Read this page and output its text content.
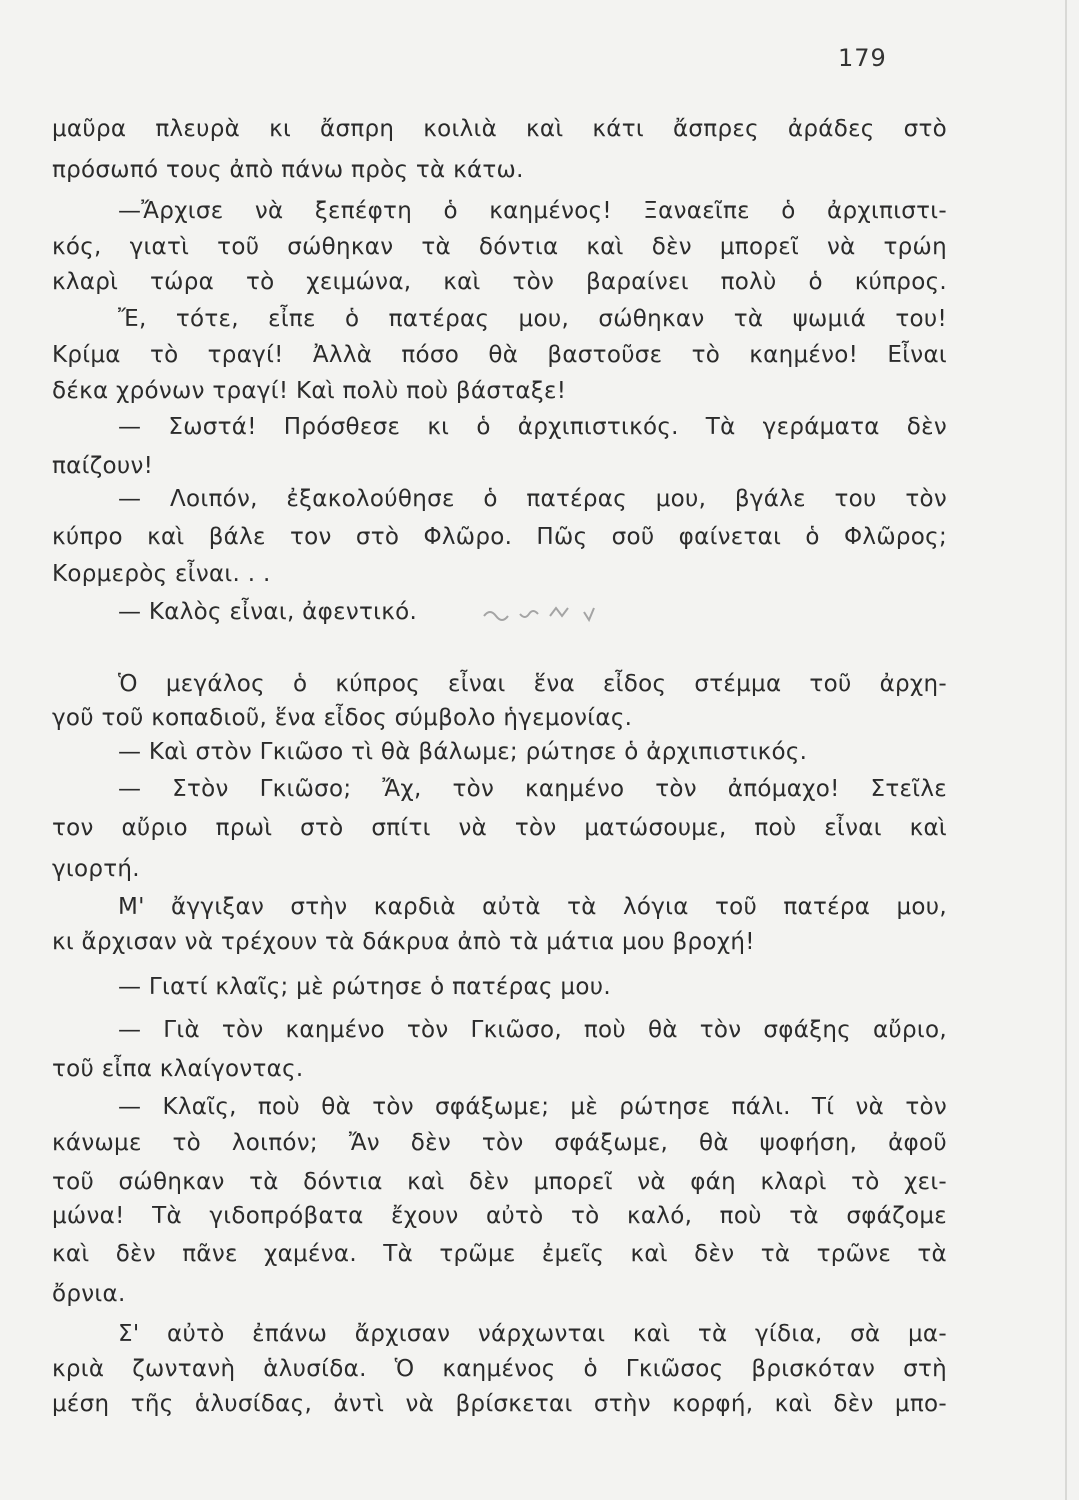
179
μαῦρα πλευρὰ κι ἄσπρη κοιλιὰ καὶ κάτι ἄσπρες ἀράδες στὸ
πρόσωπό τους ἀπὸ πάνω πρὸς τὰ κάτω.
—Ἄρχισε νὰ ξεπέφτη ὁ καημένος! Ξαναεῖπε ὁ ἀρχιπιστι-
κός, γιατὶ τοῦ σώθηκαν τὰ δόντια καὶ δὲν μπορεῖ νὰ τρώη
κλαρὶ τώρα τὸ χειμώνα, καὶ τὸν βαραίνει πολὺ ὁ κύπρος.
Ἔ, τότε, εἶπε ὁ πατέρας μου, σώθηκαν τὰ ψωμιά του!
Κρίμα τὸ τραγί! Ἀλλὰ πόσο θὰ βαστοῦσε τὸ καημένο! Εἶναι
δέκα χρόνων τραγί! Καὶ πολὺ ποὺ βάσταξε!
— Σωστά! Πρόσθεσε κι ὁ ἀρχιπιστικός. Τὰ γεράματα δὲν
παίζουν!
— Λοιπόν, ἐξακολούθησε ὁ πατέρας μου, βγάλε του τὸν
κύπρο καὶ βάλε τον στὸ Φλῶρο. Πῶς σοῦ φαίνεται ὁ Φλῶρος;
Κορμερὸς εἶναι. . .
— Καλὸς εἶναι, ἀφεντικό.
Ὁ μεγάλος ὁ κύπρος εἶναι ἕνα εἶδος στέμμα τοῦ ἀρχη-
γοῦ τοῦ κοπαδιοῦ, ἕνα εἶδος σύμβολο ἡγεμονίας.
— Καὶ στὸν Γκιῶσο τὶ θὰ βάλωμε; ρώτησε ὁ ἀρχιπιστικός.
— Στὸν Γκιῶσο; Ἄχ, τὸν καημένο τὸν ἀπόμαχο! Στεῖλε
τον αὔριο πρωὶ στὸ σπίτι νὰ τὸν ματώσουμε, ποὺ εἶναι καὶ
γιορτή.
Μ' ἄγγιξαν στὴν καρδιὰ αὐτὰ τὰ λόγια τοῦ πατέρα μου,
κι ἄρχισαν νὰ τρέχουν τὰ δάκρυα ἀπὸ τὰ μάτια μου βροχή!
— Γιατί κλαῖς; μὲ ρώτησε ὁ πατέρας μου.
— Γιὰ τὸν καημένο τὸν Γκιῶσο, ποὺ θὰ τὸν σφάξης αὔριο,
τοῦ εἶπα κλαίγοντας.
— Κλαῖς, ποὺ θὰ τὸν σφάξωμε; μὲ ρώτησε πάλι. Τί νὰ τὸν
κάνωμε τὸ λοιπόν; Ἄν δὲν τὸν σφάξωμε, θὰ ψοφήση, ἀφοῦ
τοῦ σώθηκαν τὰ δόντια καὶ δὲν μπορεῖ νὰ φάη κλαρὶ τὸ χει-
μώνα! Τὰ γιδοπρόβατα ἔχουν αὐτὸ τὸ καλό, ποὺ τὰ σφάζομε
καὶ δὲν πᾶνε χαμένα. Τὰ τρῶμε ἐμεῖς καὶ δὲν τὰ τρῶνε τὰ
ὄρνια.
Σ' αὐτὸ ἐπάνω ἄρχισαν νάρχωνται καὶ τὰ γίδια, σὰ μα-
κριὰ ζωντανὴ ἁλυσίδα. Ὁ καημένος ὁ Γκιῶσος βρισκόταν στὴ
μέση τῆς ἁλυσίδας, ἀντὶ νὰ βρίσκεται στὴν κορφή, καὶ δὲν μπο-
